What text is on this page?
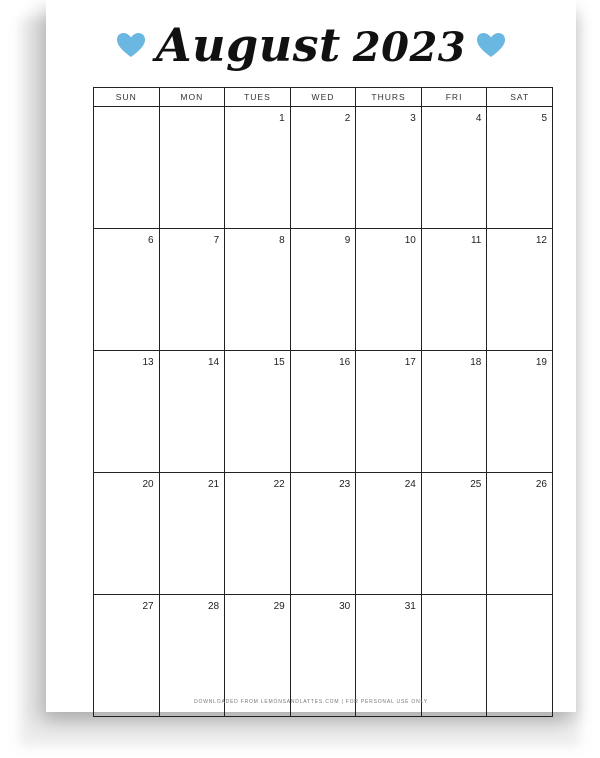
August 2023
SUN	MON	TUES	WED	THURS	FRI	SAT
		1	2	3	4	5
6	7	8	9	10	11	12
13	14	15	16	17	18	19
20	21	22	23	24	25	26
27	28	29	30	31		
DOWNLOADED FROM LEMONSANDLATTES.COM | FOR PERSONAL USE ONLY
